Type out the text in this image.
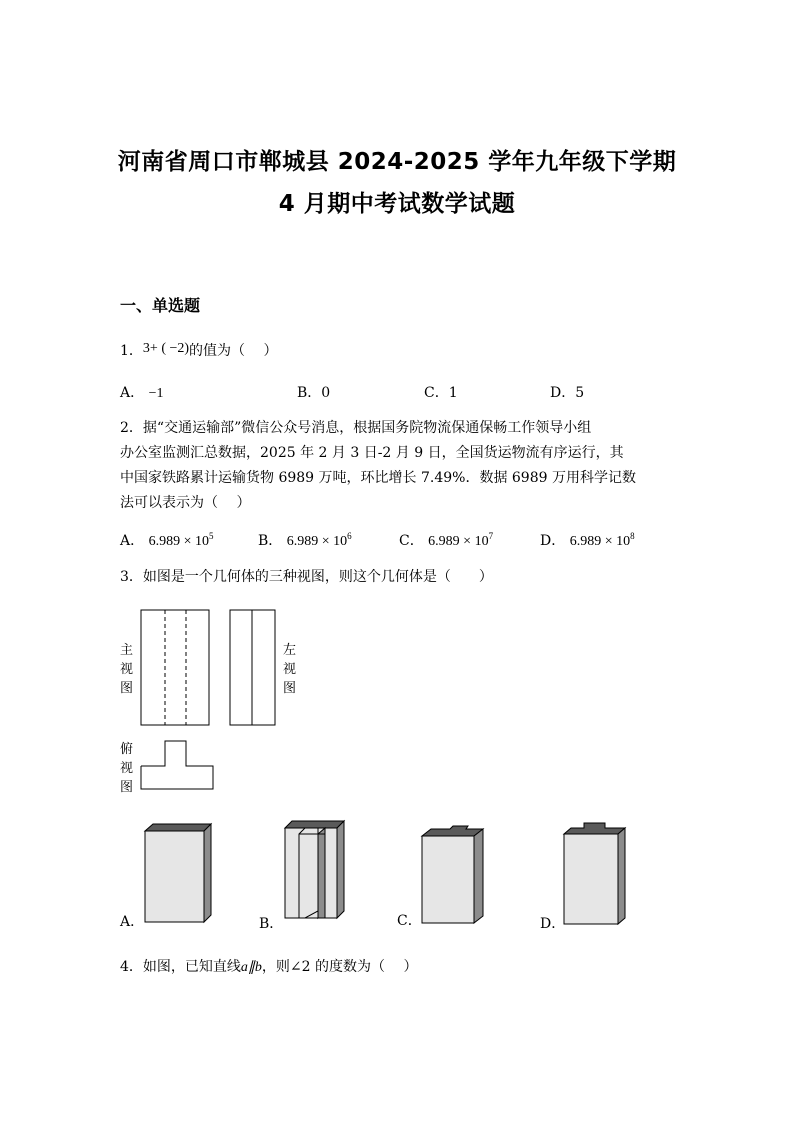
河南省周口市郸城县 2024-2025 学年九年级下学期
4 月期中考试数学试题
一、单选题
1．3+ ( −2)的值为（　 ）
A． −1	B．0	C．1	D．5
2．据“交通运输部”微信公众号消息，根据国务院物流保通保畅工作领导小组
办公室监测汇总数据，2025 年 2 月 3 日-2 月 9 日，全国货运物流有序运行，其
中国家铁路累计运输货物 6989 万吨，环比增长 7.49%．数据 6989 万用科学记数
法可以表示为（　 ）
A． $6.989 \times 10^5$	B． $6.989 \times 10^6$	C． $6.989 \times 10^7$	D． $6.989 \times 10^8$
3．如图是一个几何体的三种视图，则这个几何体是（　　）
主
视
图
左
视
图
俯
视
图
A．	B．	C．	D．
4．如图，已知直线a∥b，则∠2 的度数为（　 ）
